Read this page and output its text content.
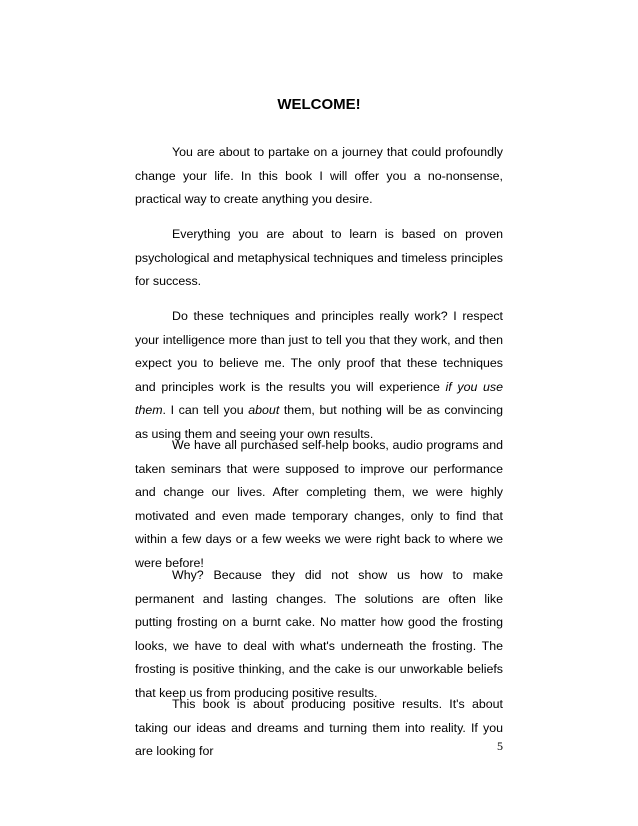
WELCOME!

You are about to partake on a journey that could profoundly change your life. In this book I will offer you a no-nonsense, practical way to create anything you desire.

Everything you are about to learn is based on proven psychological and metaphysical techniques and timeless principles for success.

Do these techniques and principles really work? I respect your intelligence more than just to tell you that they work, and then expect you to believe me. The only proof that these techniques and principles work is the results you will experience if you use them. I can tell you about them, but nothing will be as convincing as using them and seeing your own results.

We have all purchased self-help books, audio programs and taken seminars that were supposed to improve our performance and change our lives. After completing them, we were highly motivated and even made temporary changes, only to find that within a few days or a few weeks we were right back to where we were before!

Why? Because they did not show us how to make permanent and lasting changes. The solutions are often like putting frosting on a burnt cake. No matter how good the frosting looks, we have to deal with what's underneath the frosting. The frosting is positive thinking, and the cake is our unworkable beliefs that keep us from producing positive results.

This book is about producing positive results. It's about taking our ideas and dreams and turning them into reality. If you are looking for	5
